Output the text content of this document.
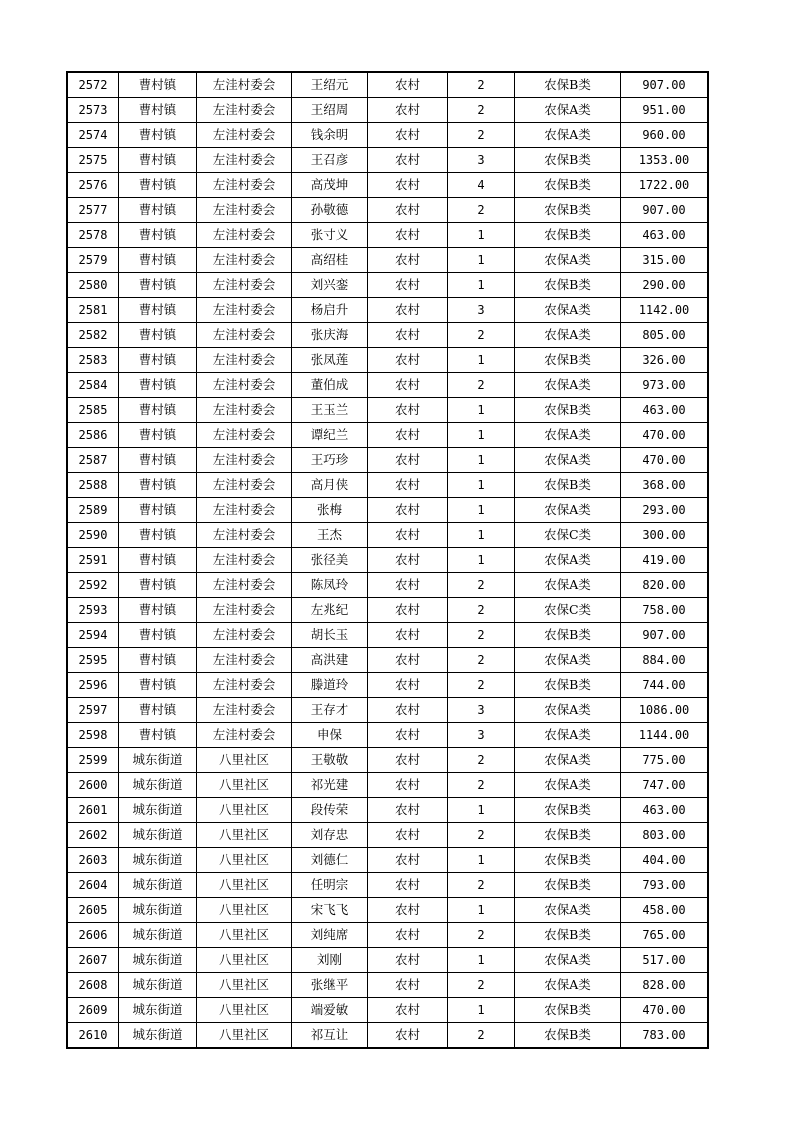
2572	曹村镇	左洼村委会	王绍元	农村	2	农保B类	907.00
2573	曹村镇	左洼村委会	王绍周	农村	2	农保A类	951.00
2574	曹村镇	左洼村委会	钱余明	农村	2	农保A类	960.00
2575	曹村镇	左洼村委会	王召彦	农村	3	农保B类	1353.00
2576	曹村镇	左洼村委会	高茂坤	农村	4	农保B类	1722.00
2577	曹村镇	左洼村委会	孙敬德	农村	2	农保B类	907.00
2578	曹村镇	左洼村委会	张寸义	农村	1	农保B类	463.00
2579	曹村镇	左洼村委会	高绍桂	农村	1	农保A类	315.00
2580	曹村镇	左洼村委会	刘兴銮	农村	1	农保B类	290.00
2581	曹村镇	左洼村委会	杨启升	农村	3	农保A类	1142.00
2582	曹村镇	左洼村委会	张庆海	农村	2	农保A类	805.00
2583	曹村镇	左洼村委会	张凤莲	农村	1	农保B类	326.00
2584	曹村镇	左洼村委会	董伯成	农村	2	农保A类	973.00
2585	曹村镇	左洼村委会	王玉兰	农村	1	农保B类	463.00
2586	曹村镇	左洼村委会	谭纪兰	农村	1	农保A类	470.00
2587	曹村镇	左洼村委会	王巧珍	农村	1	农保A类	470.00
2588	曹村镇	左洼村委会	高月侠	农村	1	农保B类	368.00
2589	曹村镇	左洼村委会	张梅	农村	1	农保A类	293.00
2590	曹村镇	左洼村委会	王杰	农村	1	农保C类	300.00
2591	曹村镇	左洼村委会	张径美	农村	1	农保A类	419.00
2592	曹村镇	左洼村委会	陈凤玲	农村	2	农保A类	820.00
2593	曹村镇	左洼村委会	左兆纪	农村	2	农保C类	758.00
2594	曹村镇	左洼村委会	胡长玉	农村	2	农保B类	907.00
2595	曹村镇	左洼村委会	高洪建	农村	2	农保A类	884.00
2596	曹村镇	左洼村委会	滕道玲	农村	2	农保B类	744.00
2597	曹村镇	左洼村委会	王存才	农村	3	农保A类	1086.00
2598	曹村镇	左洼村委会	申保	农村	3	农保A类	1144.00
2599	城东街道	八里社区	王敬敬	农村	2	农保A类	775.00
2600	城东街道	八里社区	祁光建	农村	2	农保A类	747.00
2601	城东街道	八里社区	段传荣	农村	1	农保B类	463.00
2602	城东街道	八里社区	刘存忠	农村	2	农保B类	803.00
2603	城东街道	八里社区	刘德仁	农村	1	农保B类	404.00
2604	城东街道	八里社区	任明宗	农村	2	农保B类	793.00
2605	城东街道	八里社区	宋飞飞	农村	1	农保A类	458.00
2606	城东街道	八里社区	刘纯席	农村	2	农保B类	765.00
2607	城东街道	八里社区	刘刚	农村	1	农保A类	517.00
2608	城东街道	八里社区	张继平	农村	2	农保A类	828.00
2609	城东街道	八里社区	端爱敏	农村	1	农保B类	470.00
2610	城东街道	八里社区	祁互让	农村	2	农保B类	783.00
